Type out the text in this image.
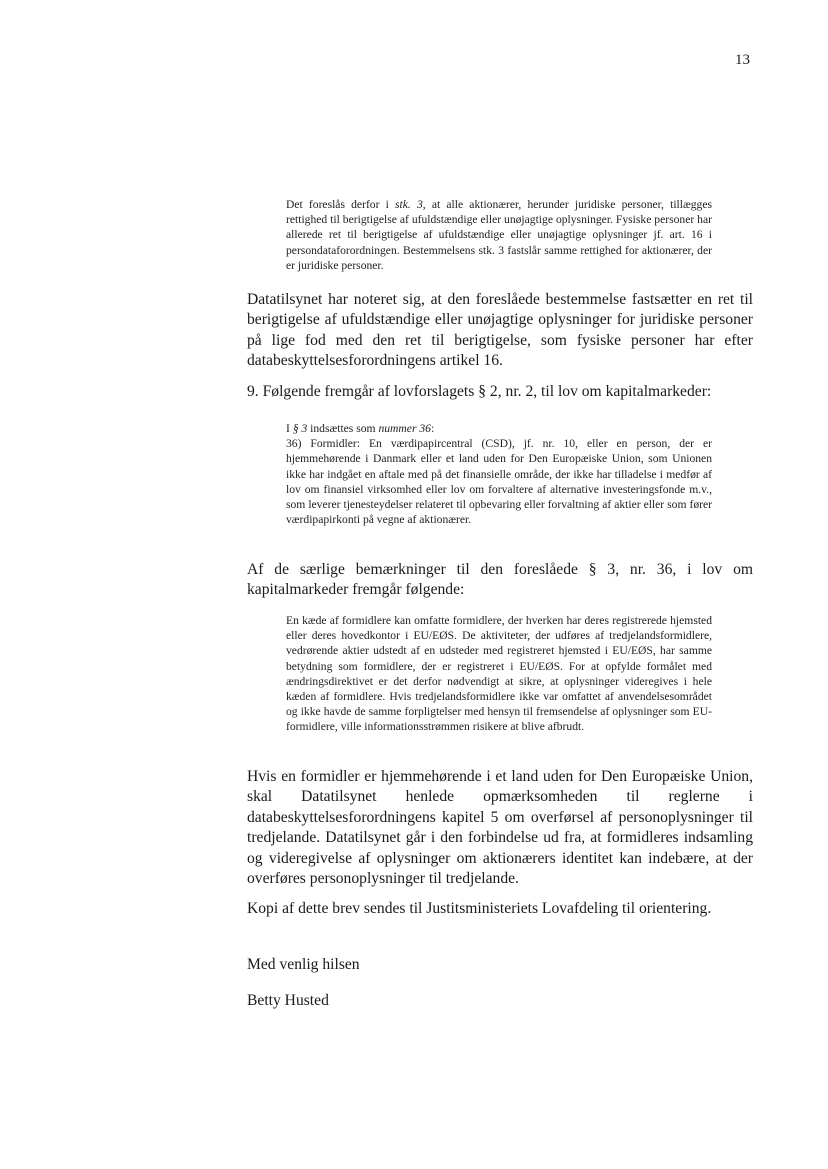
13
Det foreslås derfor i stk. 3, at alle aktionærer, herunder juridiske personer, tillægges rettighed til berigtigelse af ufuldstændige eller unøjagtige oplysninger. Fysiske personer har allerede ret til berigtigelse af ufuldstændige eller unøjagtige oplysninger jf. art. 16 i persondataforordningen. Bestemmelsens stk. 3 fastslår samme rettighed for aktionærer, der er juridiske personer.
Datatilsynet har noteret sig, at den foreslåede bestemmelse fastsætter en ret til berigtigelse af ufuldstændige eller unøjagtige oplysninger for juridiske personer på lige fod med den ret til berigtigelse, som fysiske personer har efter databeskyttelsesforordningens artikel 16.
9. Følgende fremgår af lovforslagets § 2, nr. 2, til lov om kapitalmarkeder:
I § 3 indsættes som nummer 36:
36) Formidler: En værdipapircentral (CSD), jf. nr. 10, eller en person, der er hjemmehørende i Danmark eller et land uden for Den Europæiske Union, som Unionen ikke har indgået en aftale med på det finansielle område, der ikke har tilladelse i medfør af lov om finansiel virksomhed eller lov om forvaltere af alternative investeringsfonde m.v., som leverer tjenesteydelser relateret til opbevaring eller forvaltning af aktier eller som fører værdipapirkonti på vegne af aktionærer.
Af de særlige bemærkninger til den foreslåede § 3, nr. 36, i lov om kapitalmarkeder fremgår følgende:
En kæde af formidlere kan omfatte formidlere, der hverken har deres registrerede hjemsted eller deres hovedkontor i EU/EØS. De aktiviteter, der udføres af tredjelandsformidlere, vedrørende aktier udstedt af en udsteder med registreret hjemsted i EU/EØS, har samme betydning som formidlere, der er registreret i EU/EØS. For at opfylde formålet med ændringsdirektivet er det derfor nødvendigt at sikre, at oplysninger videregives i hele kæden af formidlere. Hvis tredjelandsformidlere ikke var omfattet af anvendelsesområdet og ikke havde de samme forpligtelser med hensyn til fremsendelse af oplysninger som EU-formidlere, ville informationsstrømmen risikere at blive afbrudt.
Hvis en formidler er hjemmehørende i et land uden for Den Europæiske Union, skal Datatilsynet henlede opmærksomheden til reglerne i databeskyttelsesforordningens kapitel 5 om overførsel af personoplysninger til tredjelande. Datatilsynet går i den forbindelse ud fra, at formidleres indsamling og videregivelse af oplysninger om aktionærers identitet kan indebære, at der overføres personoplysninger til tredjelande.
Kopi af dette brev sendes til Justitsministeriets Lovafdeling til orientering.
Med venlig hilsen
Betty Husted
